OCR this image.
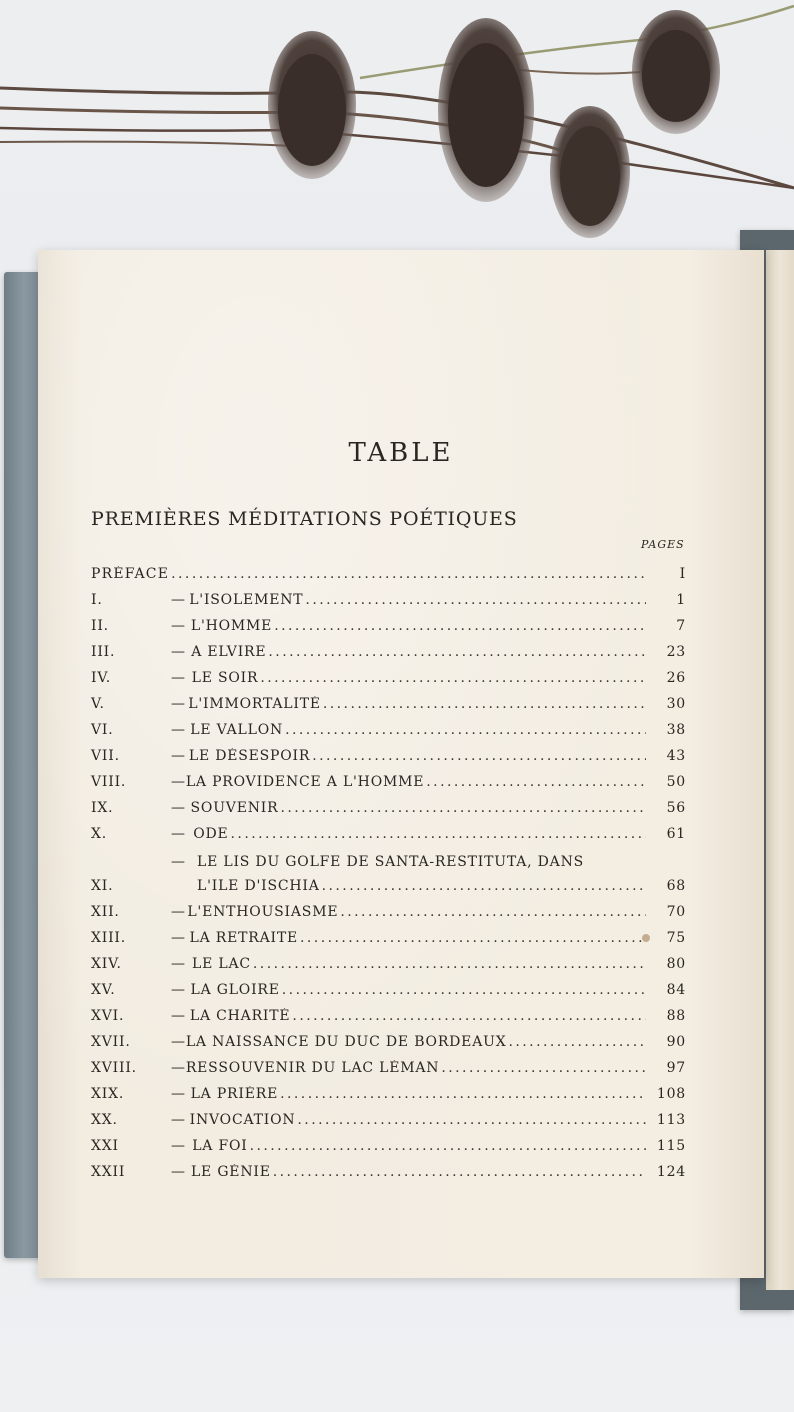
TABLE
PREMIÈRES MÉDITATIONS POÉTIQUES
PAGES
PRÉFACE . . .	I
I.	— L'ISOLEMENT . . .	1
II.	— L'HOMME . . .	7
III.	— A ELVIRE . . .	23
IV.	— LE SOIR . . .	26
V.	— L'IMMORTALITÉ . . .	30
VI.	— LE VALLON . . .	38
VII.	— LE DÉSESPOIR . . .	43
VIII.	— LA PROVIDENCE A L'HOMME . . .	50
IX.	— SOUVENIR . . .	56
X.	— ODE . . .	61
XI.
— LE LIS DU GOLFE DE SANTA-RESTITUTA, DANS
L'ILE D'ISCHIA . . .	68
XII.	— L'ENTHOUSIASME . . .	70
XIII.	— LA RETRAITE . . .	75
XIV.	— LE LAC . . .	80
XV.	— LA GLOIRE . . .	84
XVI.	— LA CHARITÉ . . .	88
XVII.	— LA NAISSANCE DU DUC DE BORDEAUX . . .	90
XVIII.	— RESSOUVENIR DU LAC LÉMAN . . .	97
XIX.	— LA PRIÈRE . . .	108
XX.	— INVOCATION . . .	113
XXI	— LA FOI . . .	115
XXII	— LE GÉNIE . . .	124
